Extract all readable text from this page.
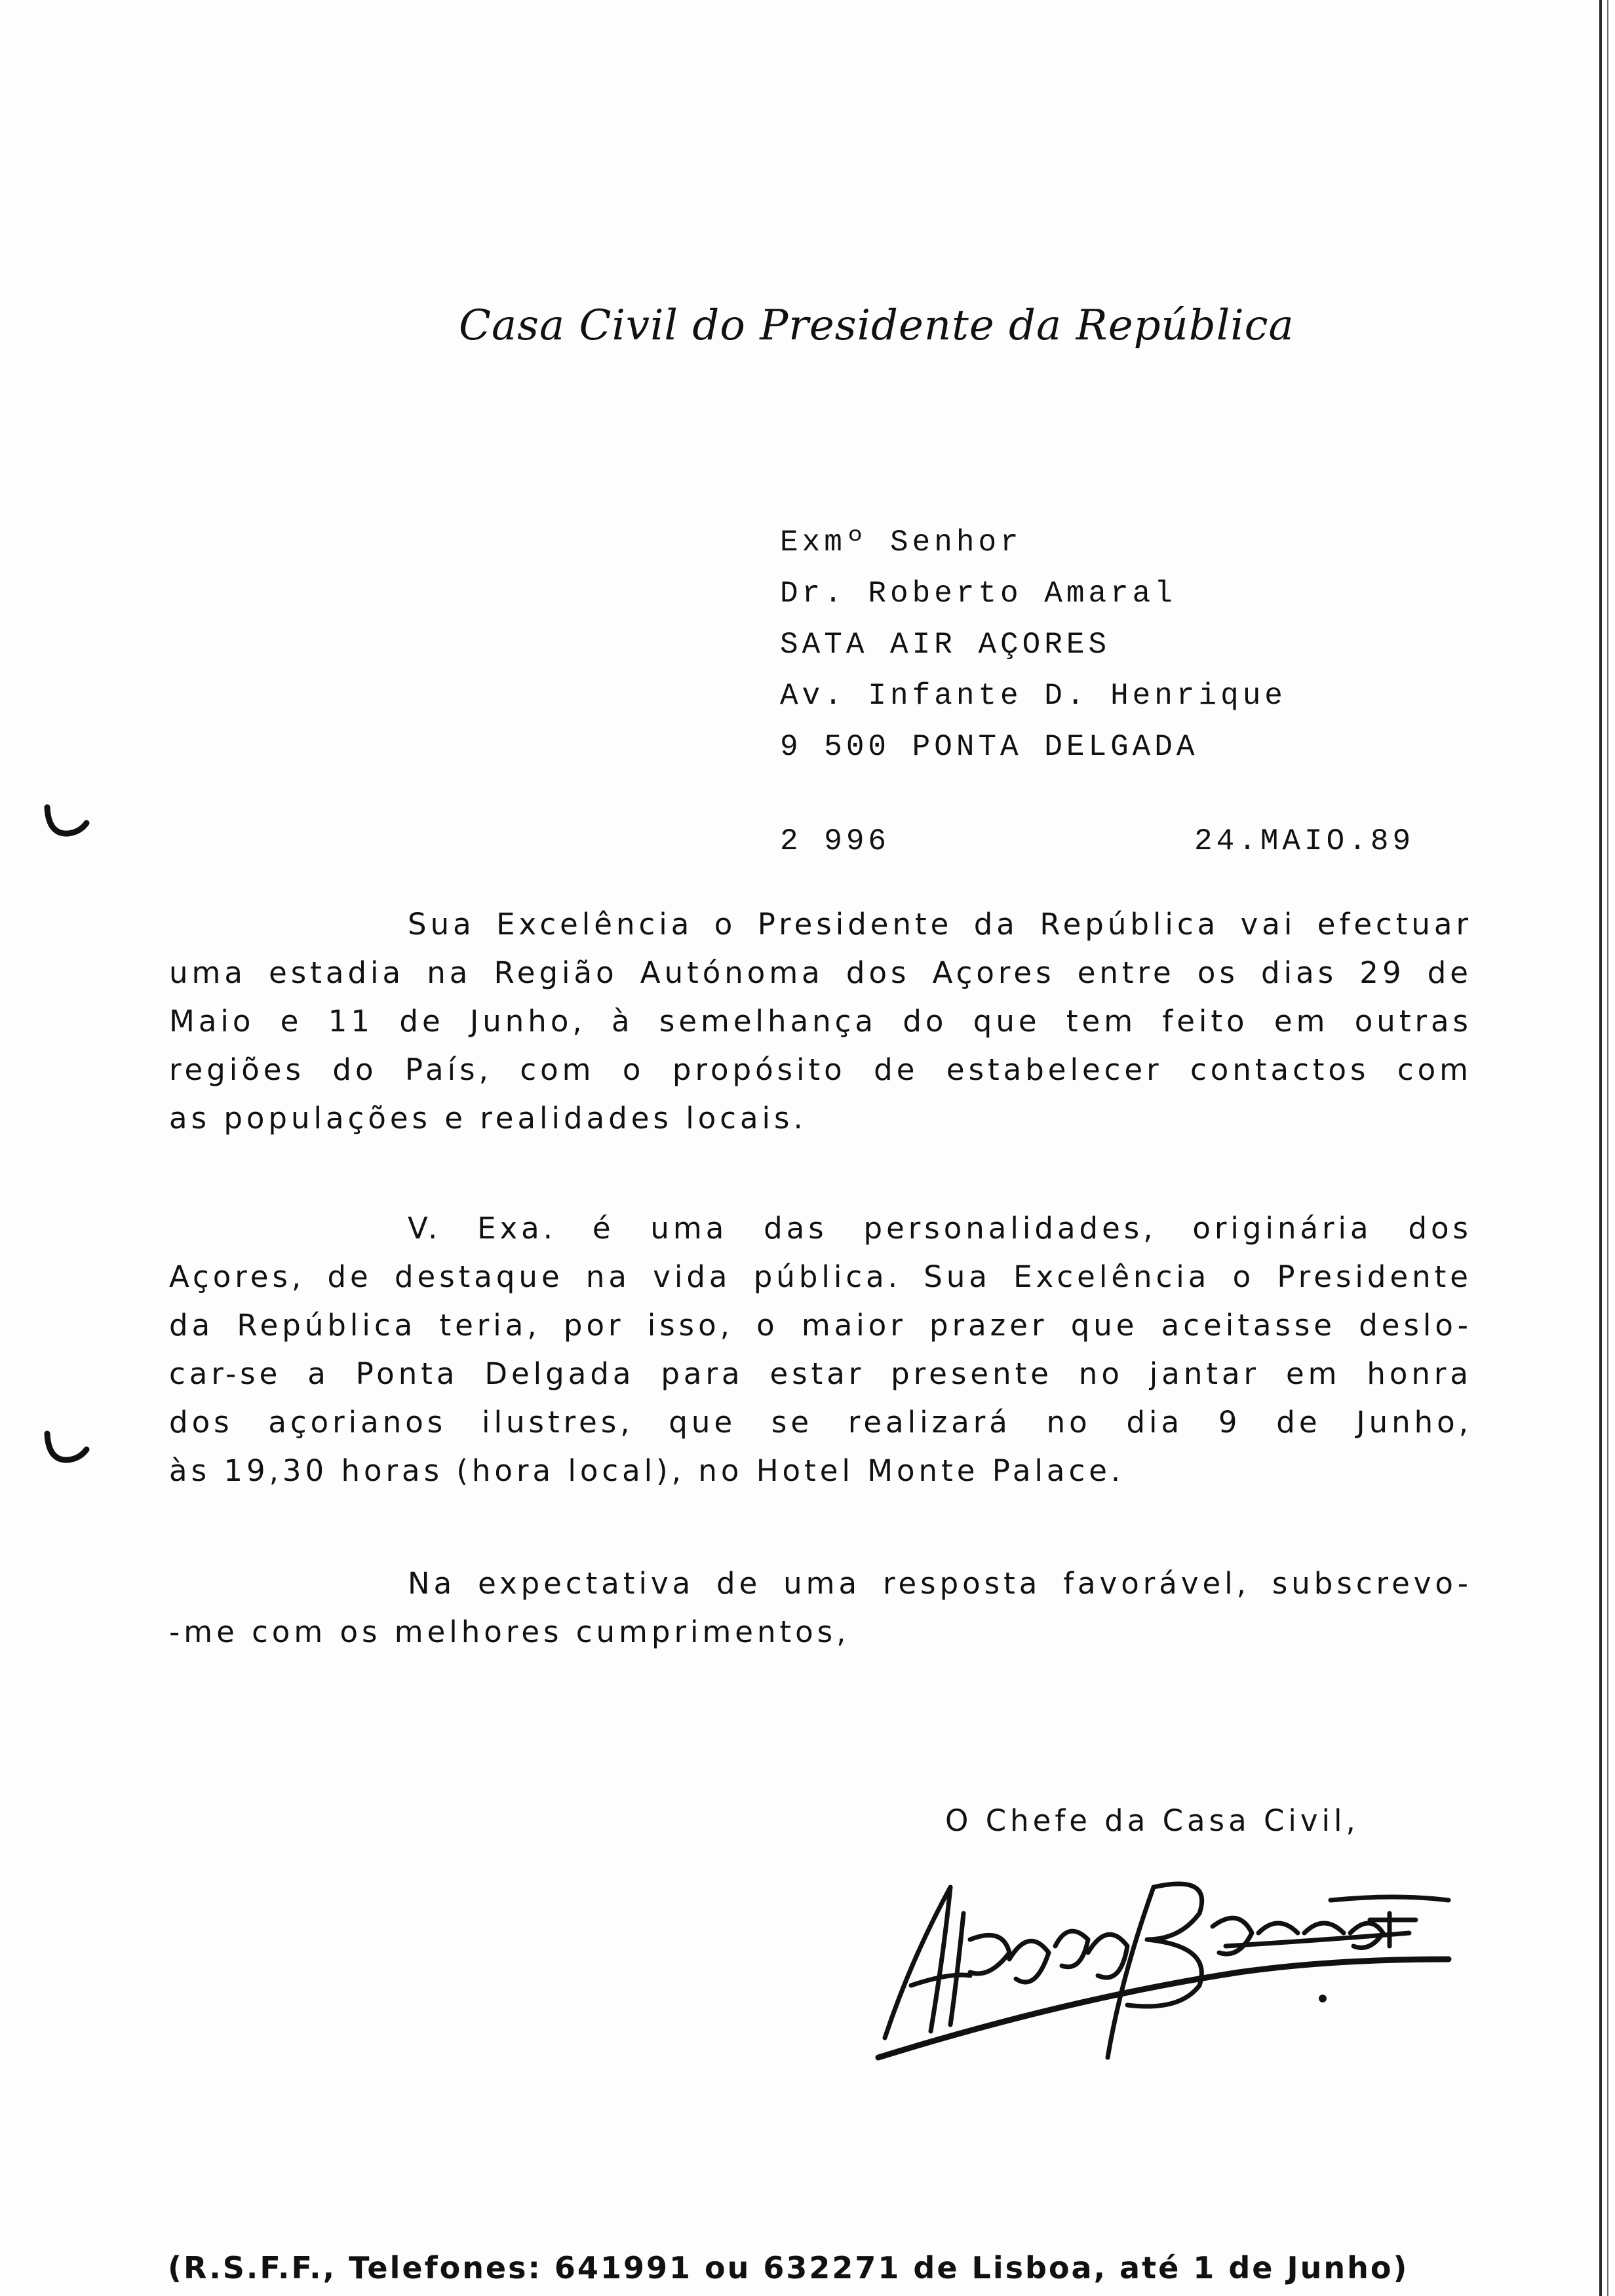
Casa Civil do Presidente da República
Exmº Senhor
Dr. Roberto Amaral
SATA AIR AÇORES
Av. Infante D. Henrique
9 500 PONTA DELGADA
2 996	24.MAIO.89
Sua Excelência o Presidente da República vai efectuar
uma estadia na Região Autónoma dos Açores entre os dias 29 de
Maio e 11 de Junho, à semelhança do que tem feito em outras
regiões do País, com o propósito de estabelecer contactos com
as populações e realidades locais.
V. Exa. é uma das personalidades, originária dos
Açores, de destaque na vida pública. Sua Excelência o Presidente
da República teria, por isso, o maior prazer que aceitasse deslo-
car-se a Ponta Delgada para estar presente no jantar em honra
dos açorianos ilustres, que se realizará no dia 9 de Junho,
às 19,30 horas (hora local), no Hotel Monte Palace.
Na expectativa de uma resposta favorável, subscrevo-
-me com os melhores cumprimentos,
O Chefe da Casa Civil,
(R.S.F.F., Telefones: 641991 ou 632271 de Lisboa, até 1 de Junho)
